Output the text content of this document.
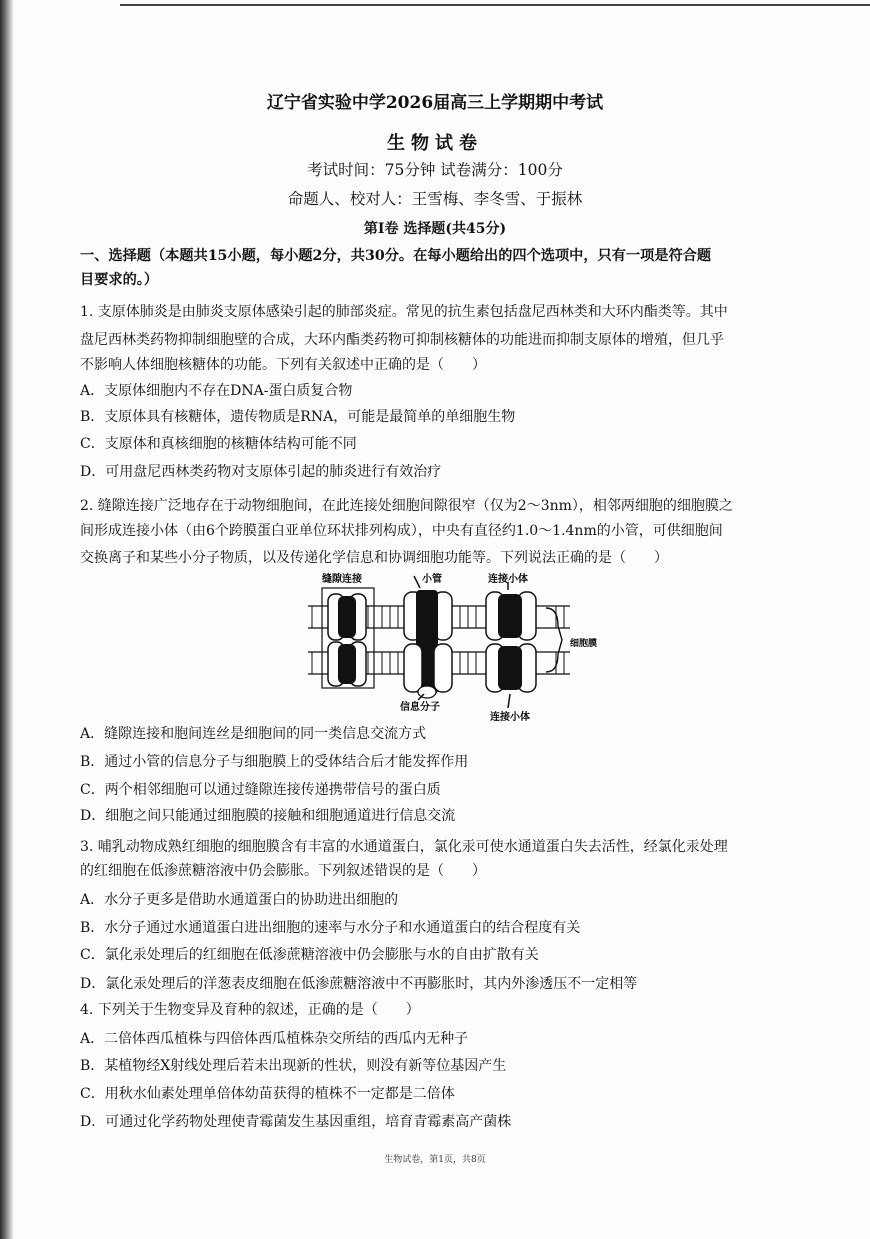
辽宁省实验中学2026届高三上学期期中考试
生物试卷
考试时间：75分钟 试卷满分：100分
命题人、校对人：王雪梅、李冬雪、于振林
第Ⅰ卷 选择题(共45分)
一、选择题（本题共15小题，每小题2分，共30分。在每小题给出的四个选项中，只有一项是符合题
目要求的。）
1. 支原体肺炎是由肺炎支原体感染引起的肺部炎症。常见的抗生素包括盘尼西林类和大环内酯类等。其中
盘尼西林类药物抑制细胞壁的合成，大环内酯类药物可抑制核糖体的功能进而抑制支原体的增殖，但几乎
不影响人体细胞核糖体的功能。下列有关叙述中正确的是（　　）
A．支原体细胞内不存在DNA-蛋白质复合物
B．支原体具有核糖体，遗传物质是RNA，可能是最简单的单细胞生物
C．支原体和真核细胞的核糖体结构可能不同
D．可用盘尼西林类药物对支原体引起的肺炎进行有效治疗
2. 缝隙连接广泛地存在于动物细胞间，在此连接处细胞间隙很窄（仅为2～3nm），相邻两细胞的细胞膜之
间形成连接小体（由6个跨膜蛋白亚单位环状排列构成），中央有直径约1.0～1.4nm的小管，可供细胞间
交换离子和某些小分子物质，以及传递化学信息和协调细胞功能等。下列说法正确的是（　　）
缝隙连接	小管	连接小体
细胞膜
信息分子
连接小体
A．缝隙连接和胞间连丝是细胞间的同一类信息交流方式
B．通过小管的信息分子与细胞膜上的受体结合后才能发挥作用
C．两个相邻细胞可以通过缝隙连接传递携带信号的蛋白质
D．细胞之间只能通过细胞膜的接触和细胞通道进行信息交流
3. 哺乳动物成熟红细胞的细胞膜含有丰富的水通道蛋白，氯化汞可使水通道蛋白失去活性，经氯化汞处理
的红细胞在低渗蔗糖溶液中仍会膨胀。下列叙述错误的是（　　）
A．水分子更多是借助水通道蛋白的协助进出细胞的
B．水分子通过水通道蛋白进出细胞的速率与水分子和水通道蛋白的结合程度有关
C．氯化汞处理后的红细胞在低渗蔗糖溶液中仍会膨胀与水的自由扩散有关
D．氯化汞处理后的洋葱表皮细胞在低渗蔗糖溶液中不再膨胀时，其内外渗透压不一定相等
4. 下列关于生物变异及育种的叙述，正确的是（　　）
A．二倍体西瓜植株与四倍体西瓜植株杂交所结的西瓜内无种子
B．某植物经X射线处理后若未出现新的性状，则没有新等位基因产生
C．用秋水仙素处理单倍体幼苗获得的植株不一定都是二倍体
D．可通过化学药物处理使青霉菌发生基因重组，培育青霉素高产菌株
生物试卷，第1页，共8页
